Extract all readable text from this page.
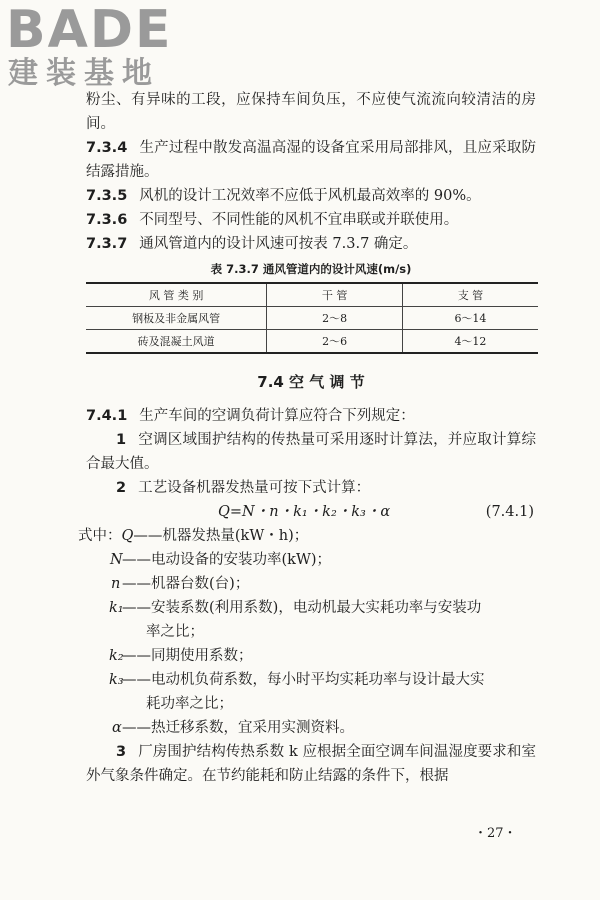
BADE
建装基地

粉尘、有异味的工段，应保持车间负压，不应使气流流向较清洁的房间。

7.3.4 生产过程中散发高温高湿的设备宜采用局部排风，且应采取防结露措施。

7.3.5 风机的设计工况效率不应低于风机最高效率的 90%。

7.3.6 不同型号、不同性能的风机不宜串联或并联使用。

7.3.7 通风管道内的设计风速可按表 7.3.7 确定。

表 7.3.7 通风管道内的设计风速(m/s)
风 管 类 别	干 管	支 管
钢板及非金属风管	2～8	6～14
砖及混凝土风道	2～6	4～12
7.4 空 气 调 节

7.4.1 生产车间的空调负荷计算应符合下列规定：

1 空调区域围护结构的传热量可采用逐时计算法，并应取计算综合最大值。

2 工艺设备机器发热量可按下式计算：

Q=N・n・k₁・k₂・k₃・α	(7.4.1)
式中：Q——机器发热量(kW・h)；
N ——电动设备的安装功率(kW)；
n ——机器台数(台)；
k₁
——安装系数(利用系数)，电动机最大实耗功率与安装功
率之比；
k₂
——同期使用系数；
k₃
——电动机负荷系数，每小时平均实耗功率与设计最大实
耗功率之比；
α ——热迁移系数，宜采用实测资料。

3 厂房围护结构传热系数 k 应根据全面空调车间温湿度要求和室外气象条件确定。在节约能耗和防止结露的条件下，根据

・27・
